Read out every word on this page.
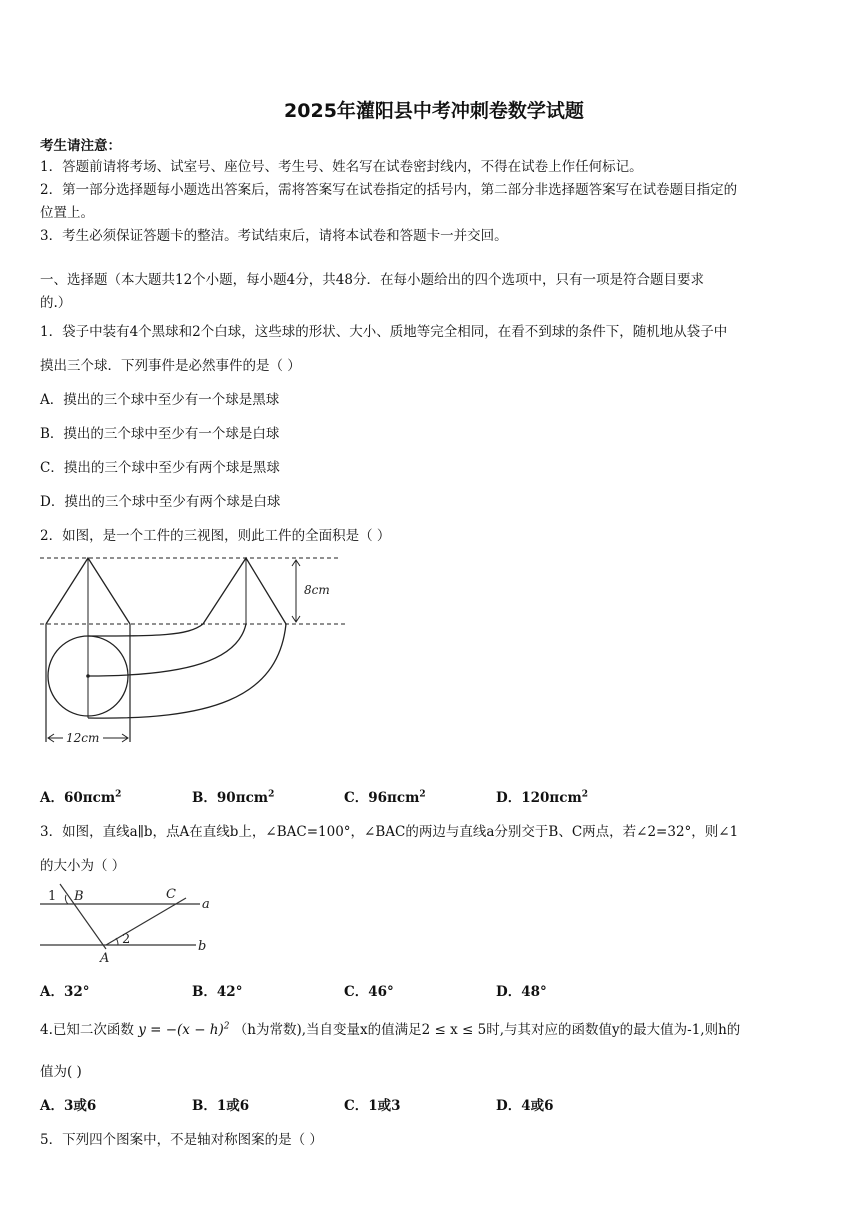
2025年灌阳县中考冲刺卷数学试题
考生请注意：
1．答题前请将考场、试室号、座位号、考生号、姓名写在试卷密封线内，不得在试卷上作任何标记。
2．第一部分选择题每小题选出答案后，需将答案写在试卷指定的括号内，第二部分非选择题答案写在试卷题目指定的
位置上。
3．考生必须保证答题卡的整洁。考试结束后，请将本试卷和答题卡一并交回。
一、选择题（本大题共12个小题，每小题4分，共48分．在每小题给出的四个选项中，只有一项是符合题目要求
的.）
1．袋子中装有4个黑球和2个白球，这些球的形状、大小、质地等完全相同，在看不到球的条件下，随机地从袋子中
摸出三个球．下列事件是必然事件的是（ ）
A．摸出的三个球中至少有一个球是黑球
B．摸出的三个球中至少有一个球是白球
C．摸出的三个球中至少有两个球是黑球
D．摸出的三个球中至少有两个球是白球
2．如图，是一个工件的三视图，则此工件的全面积是（ ）
8cm
12cm
A．60πcm$^2$	B．90πcm$^2$	C．96πcm$^2$	D．120πcm$^2$
3．如图，直线a∥b，点A在直线b上，∠BAC=100°，∠BAC的两边与直线a分别交于B、C两点，若∠2=32°，则∠1
的大小为（ ）
1 B	C
a
2
A
b
A．32°	B．42°	C．46°	D．48°
4.已知二次函数 $y = -(x - h)^2$ （h为常数),当自变量x的值满足2 ≤ x ≤ 5时,与其对应的函数值y的最大值为-1,则h的
值为( )
A．3或6	B．1或6	C．1或3	D．4或6
5．下列四个图案中，不是轴对称图案的是（ ）
